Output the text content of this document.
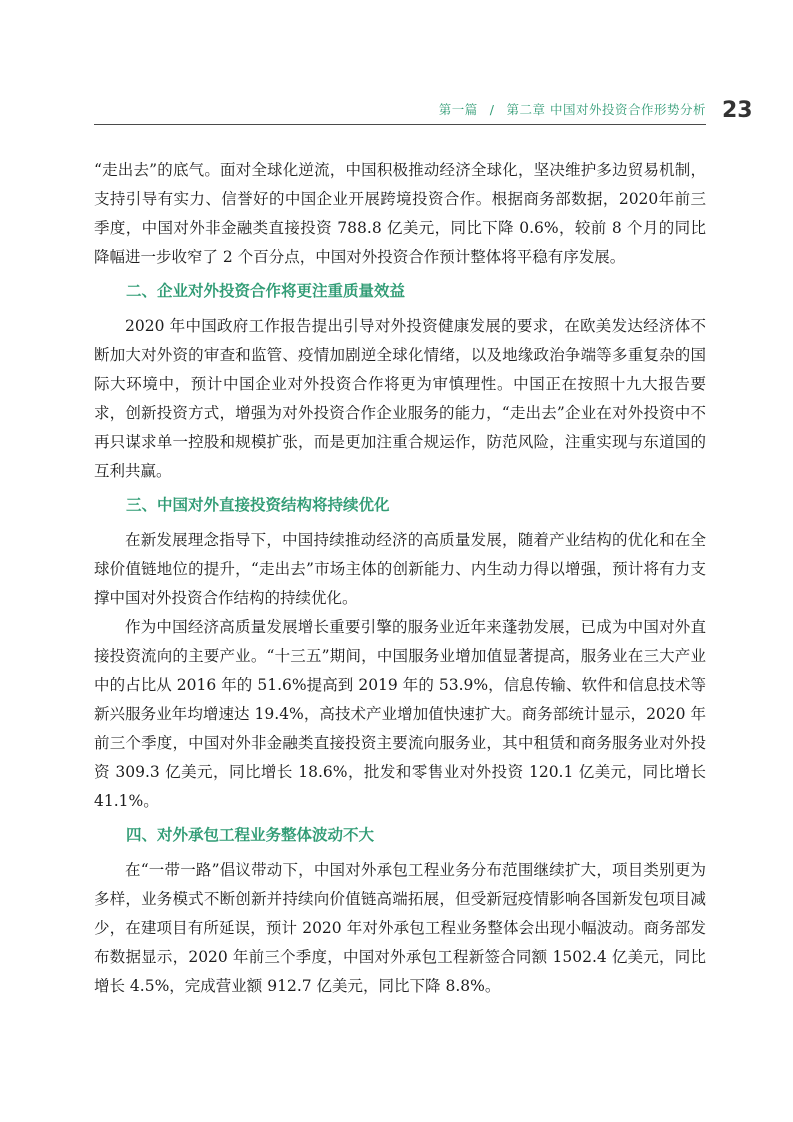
第一篇 / 第二章 中国对外投资合作形势分析 23

“走出去”的底气。面对全球化逆流，中国积极推动经济全球化，坚决维护多边贸易机制，支持引导有实力、信誉好的中国企业开展跨境投资合作。根据商务部数据，2020年前三季度，中国对外非金融类直接投资 788.8 亿美元，同比下降 0.6%，较前 8 个月的同比降幅进一步收窄了 2 个百分点，中国对外投资合作预计整体将平稳有序发展。

二、企业对外投资合作将更注重质量效益

2020 年中国政府工作报告提出引导对外投资健康发展的要求，在欧美发达经济体不断加大对外资的审查和监管、疫情加剧逆全球化情绪，以及地缘政治争端等多重复杂的国际大环境中，预计中国企业对外投资合作将更为审慎理性。中国正在按照十九大报告要求，创新投资方式，增强为对外投资合作企业服务的能力，“走出去”企业在对外投资中不再只谋求单一控股和规模扩张，而是更加注重合规运作，防范风险，注重实现与东道国的互利共赢。

三、中国对外直接投资结构将持续优化

在新发展理念指导下，中国持续推动经济的高质量发展，随着产业结构的优化和在全球价值链地位的提升，“走出去”市场主体的创新能力、内生动力得以增强，预计将有力支撑中国对外投资合作结构的持续优化。

作为中国经济高质量发展增长重要引擎的服务业近年来蓬勃发展，已成为中国对外直接投资流向的主要产业。“十三五”期间，中国服务业增加值显著提高，服务业在三大产业中的占比从 2016 年的 51.6%提高到 2019 年的 53.9%，信息传输、软件和信息技术等新兴服务业年均增速达 19.4%，高技术产业增加值快速扩大。商务部统计显示，2020 年前三个季度，中国对外非金融类直接投资主要流向服务业，其中租赁和商务服务业对外投资 309.3 亿美元，同比增长 18.6%，批发和零售业对外投资 120.1 亿美元，同比增长 41.1%。

四、对外承包工程业务整体波动不大

在“一带一路”倡议带动下，中国对外承包工程业务分布范围继续扩大，项目类别更为多样，业务模式不断创新并持续向价值链高端拓展，但受新冠疫情影响各国新发包项目减少，在建项目有所延误，预计 2020 年对外承包工程业务整体会出现小幅波动。商务部发布数据显示，2020 年前三个季度，中国对外承包工程新签合同额 1502.4 亿美元，同比增长 4.5%，完成营业额 912.7 亿美元，同比下降 8.8%。
